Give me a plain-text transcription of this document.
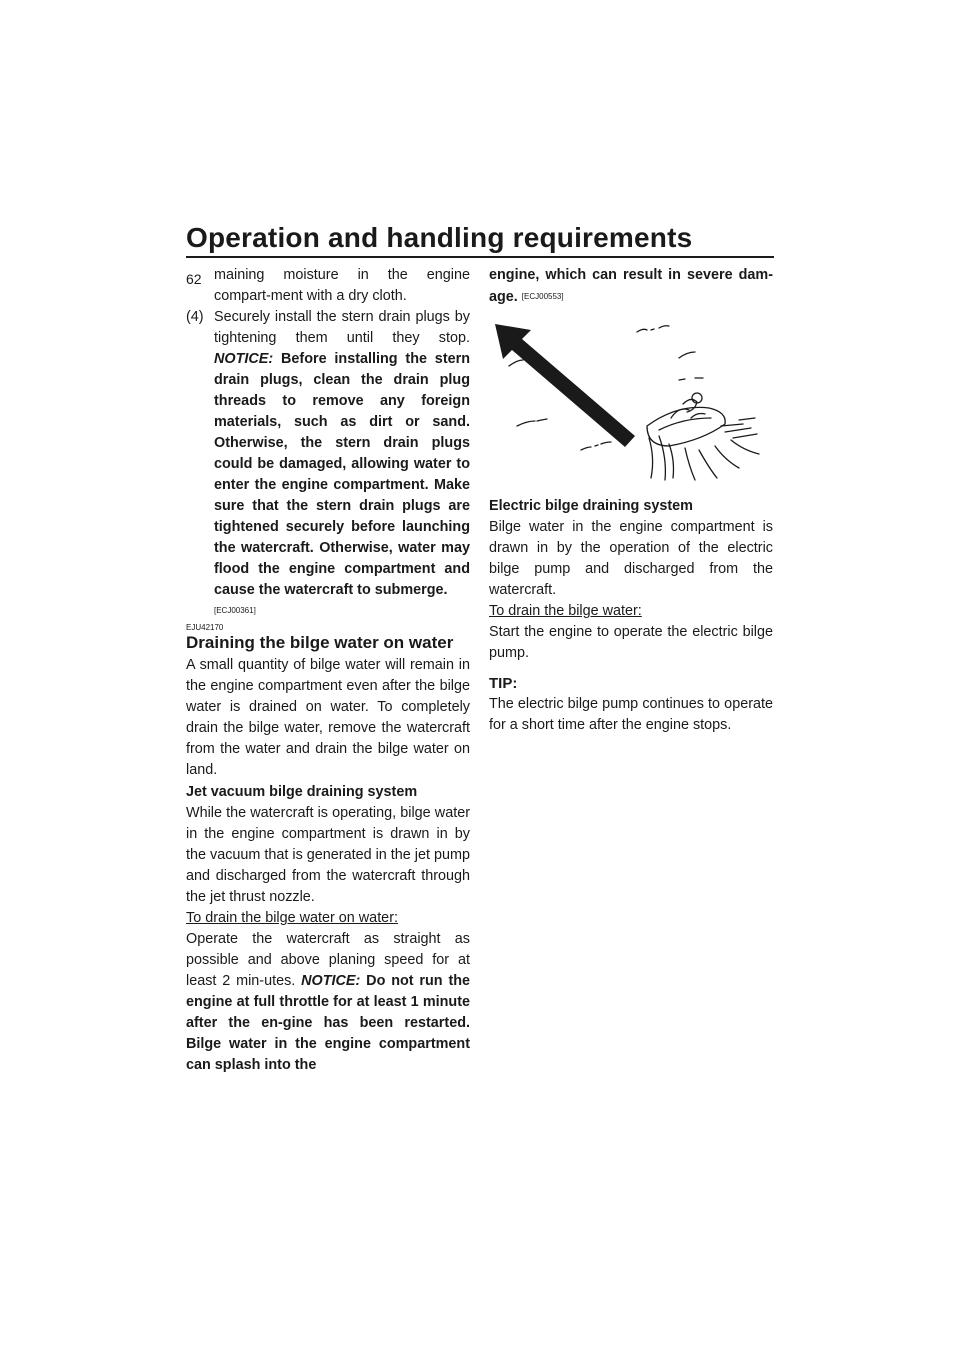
Operation and handling requirements
62 maining moisture in the engine compart-ment with a dry cloth.

(4) Securely install the stern drain plugs by tightening them until they stop. NOTICE: Before installing the stern drain plugs, clean the drain plug threads to remove any foreign materials, such as dirt or sand. Otherwise, the stern drain plugs could be damaged, allowing water to enter the engine compartment. Make sure that the stern drain plugs are tightened securely before launching the watercraft. Otherwise, water may flood the engine compartment and cause the watercraft to submerge.
[ECJ00361]
EJU42170
Draining the bilge water on water

A small quantity of bilge water will remain in the engine compartment even after the bilge water is drained on water. To completely drain the bilge water, remove the watercraft from the water and drain the bilge water on land.

Jet vacuum bilge draining system

While the watercraft is operating, bilge water in the engine compartment is drawn in by the vacuum that is generated in the jet pump and discharged from the watercraft through the jet thrust nozzle.

To drain the bilge water on water:

Operate the watercraft as straight as possible and above planing speed for at least 2 min-utes. NOTICE: Do not run the engine at full throttle for at least 1 minute after the en-gine has been restarted. Bilge water in the engine compartment can splash into the

engine, which can result in severe dam-age. [ECJ00553]

Electric bilge draining system

Bilge water in the engine compartment is drawn in by the operation of the electric bilge pump and discharged from the watercraft.

To drain the bilge water:

Start the engine to operate the electric bilge pump.

TIP:

The electric bilge pump continues to operate for a short time after the engine stops.
